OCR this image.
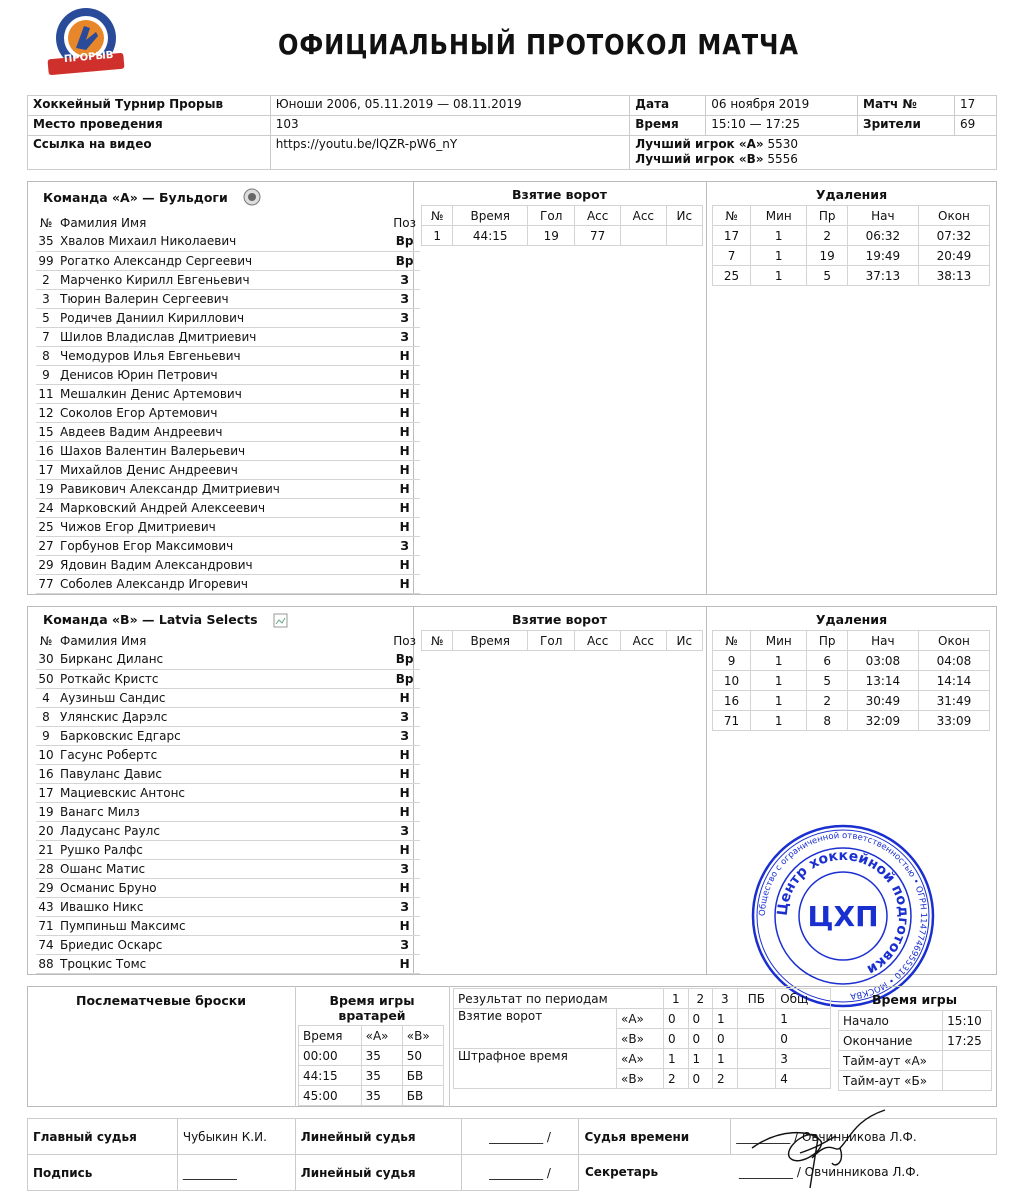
ПРОРЫВ	ОФИЦИАЛЬНЫЙ ПРОТОКОЛ МАТЧА
Хоккейный Турнир Прорыв	Юноши 2006, 05.11.2019 — 08.11.2019	Дата	06 ноября 2019	Матч №	17
Место проведения	103	Время	15:10 — 17:25	Зрители	69
Ссылка на видео	https://youtu.be/lQZR-pW6_nY	Лучший игрок «А» 5530
Лучший игрок «В» 5556			
Команда «А» — Бульдоги
№	Фамилия Имя	Поз
35	Хвалов Михаил Николаевич	Вр
99	Рогатко Александр Сергеевич	Вр
2	Марченко Кирилл Евгеньевич	З
3	Тюрин Валерин Сергеевич	З
5	Родичев Даниил Кириллович	З
7	Шилов Владислав Дмитриевич	З
8	Чемодуров Илья Евгеньевич	Н
9	Денисов Юрин Петрович	Н
11	Мешалкин Денис Артемович	Н
12	Соколов Егор Артемович	Н
15	Авдеев Вадим Андреевич	Н
16	Шахов Валентин Валерьевич	Н
17	Михайлов Денис Андреевич	Н
19	Равикович Александр Дмитриевич	Н
24	Марковский Андрей Алексеевич	Н
25	Чижов Егор Дмитриевич	Н
27	Горбунов Егор Максимович	З
29	Ядовин Вадим Александрович	Н
77	Соболев Александр Игоревич	Н
Взятие ворот
№	Время	Гол	Асс	Асс	Ис
1	44:15	19	77		
Удаления
№	Мин	Пр	Нач	Окон
17	1	2	06:32	07:32
7	1	19	19:49	20:49
25	1	5	37:13	38:13
Команда «В» — Latvia Selects
№	Фамилия Имя	Поз
30	Бирканс Диланс	Вр
50	Роткайс Кристс	Вр
4	Аузиньш Сандис	Н
8	Улянскис Дарэлс	З
9	Барковскис Едгарс	З
10	Гасунс Робертс	Н
16	Павуланс Давис	Н
17	Мациевскис Антонс	Н
19	Ванагс Милз	Н
20	Ладусанс Раулс	З
21	Рушко Ралфс	Н
28	Ошанс Матис	З
29	Османис Бруно	Н
43	Ивашко Никс	З
71	Пумпиньш Максимс	Н
74	Бриедис Оскарс	З
88	Троцкис Томс	Н
Взятие ворот
№	Время	Гол	Асс	Асс	Ис
Удаления
№	Мин	Пр	Нач	Окон
9	1	6	03:08	04:08
10	1	5	13:14	14:14
16	1	2	30:49	31:49
71	1	8	32:09	33:09
Общество с ограниченной ответственностью • ОГРН 1147746955310 • МОСКВА
Центр хоккейной подготовки
ЦХП
Послематчевые броски	Время игры
вратарей
Время	«А»	«В»
00:00	35	50
44:15	35	БВ
45:00	35	БВ
Результат по периодам		1	2	3	ПБ	Общ
Взятие ворот	«А»	0	0	1		1
	«В»	0	0	0		0
Штрафное время	«А»	1	1	1		3
	«В»	2	0	2		4
Время игры
Начало	15:10
Окончание	17:25
Тайм-аут «А»	
Тайм-аут «Б»	
Главный судья	Чубыкин К.И.	Линейный судья	_________ /	Судья времени	_________ / Овчинникова Л.Ф.
Подпись	_________	Линейный судья	_________ /		Секретарь	_________ / Овчинникова Л.Ф.
